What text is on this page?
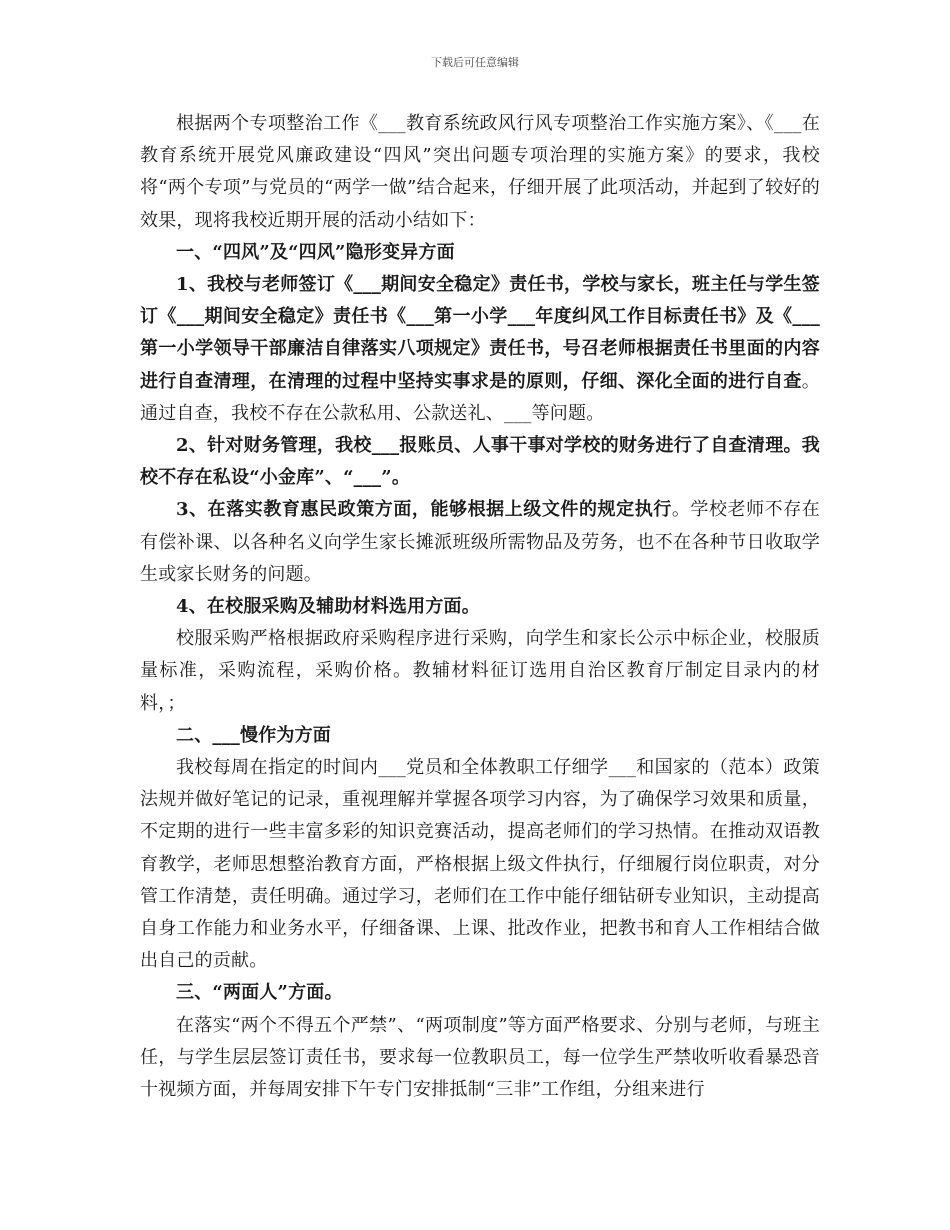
下载后可任意编辑

根据两个专项整治工作《___教育系统政风行风专项整治工作实施方案》、《___在教育系统开展党风廉政建设“四风”突出问题专项治理的实施方案》的要求，我校将“两个专项”与党员的“两学一做”结合起来，仔细开展了此项活动，并起到了较好的效果，现将我校近期开展的活动小结如下：

一、“四风”及“四风”隐形变异方面

1、我校与老师签订《___期间安全稳定》责任书，学校与家长，班主任与学生签订《___期间安全稳定》责任书《___第一小学___年度纠风工作目标责任书》及《___第一小学领导干部廉洁自律落实八项规定》责任书，号召老师根据责任书里面的内容进行自查清理，在清理的过程中坚持实事求是的原则，仔细、深化全面的进行自查。通过自查，我校不存在公款私用、公款送礼、___等问题。

2、针对财务管理，我校___报账员、人事干事对学校的财务进行了自查清理。我校不存在私设“小金库”、“___”。

3、在落实教育惠民政策方面，能够根据上级文件的规定执行。学校老师不存在有偿补课、以各种名义向学生家长摊派班级所需物品及劳务，也不在各种节日收取学生或家长财务的问题。

4、在校服采购及辅助材料选用方面。

校服采购严格根据政府采购程序进行采购，向学生和家长公示中标企业，校服质量标准，采购流程，采购价格。教辅材料征订选用自治区教育厅制定目录内的材料，；

二、___慢作为方面

我校每周在指定的时间内___党员和全体教职工仔细学___和国家的（范本）政策法规并做好笔记的记录，重视理解并掌握各项学习内容，为了确保学习效果和质量，不定期的进行一些丰富多彩的知识竞赛活动，提高老师们的学习热情。在推动双语教育教学，老师思想整治教育方面，严格根据上级文件执行，仔细履行岗位职责，对分管工作清楚，责任明确。通过学习，老师们在工作中能仔细钻研专业知识，主动提高自身工作能力和业务水平，仔细备课、上课、批改作业，把教书和育人工作相结合做出自己的贡献。

三、“两面人”方面。

在落实“两个不得五个严禁”、“两项制度”等方面严格要求、分别与老师，与班主任，与学生层层签订责任书，要求每一位教职员工，每一位学生严禁收听收看暴恐音十视频方面，并每周安排下午专门安排抵制“三非”工作组，分组来进行
